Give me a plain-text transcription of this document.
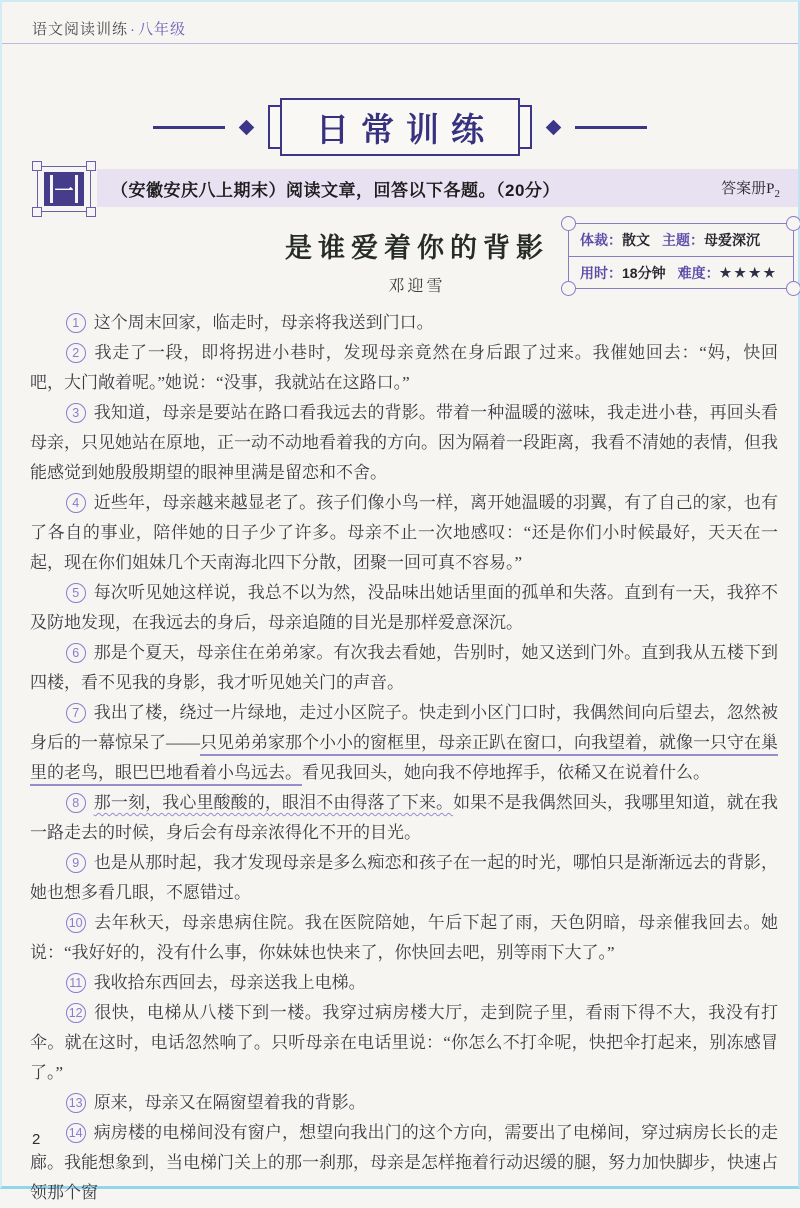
语文阅读训练 · 八年级
日常训练
一	（安徽安庆八上期末）阅读文章，回答以下各题。（20分）	答案册$P_2$
是谁爱着你的背影
邓迎雪
体裁： 散文 主题： 母爱深沉
用时： 18分钟 难度： ★★★★

1 这个周末回家，临走时，母亲将我送到门口。

2 我走了一段，即将拐进小巷时，发现母亲竟然在身后跟了过来。我催她回去：“妈，快回吧，大门敞着呢。”她说：“没事，我就站在这路口。”

3 我知道，母亲是要站在路口看我远去的背影。带着一种温暖的滋味，我走进小巷，再回头看母亲，只见她站在原地，正一动不动地看着我的方向。因为隔着一段距离，我看不清她的表情，但我能感觉到她殷殷期望的眼神里满是留恋和不舍。

4 近些年，母亲越来越显老了。孩子们像小鸟一样，离开她温暖的羽翼，有了自己的家，也有了各自的事业，陪伴她的日子少了许多。母亲不止一次地感叹：“还是你们小时候最好，天天在一起，现在你们姐妹几个天南海北四下分散，团聚一回可真不容易。”

5 每次听见她这样说，我总不以为然，没品味出她话里面的孤单和失落。直到有一天，我猝不及防地发现，在我远去的身后，母亲追随的目光是那样爱意深沉。

6 那是个夏天，母亲住在弟弟家。有次我去看她，告别时，她又送到门外。直到我从五楼下到四楼，看不见我的身影，我才听见她关门的声音。

7 我出了楼，绕过一片绿地，走过小区院子。快走到小区门口时，我偶然间向后望去，忽然被身后的一幕惊呆了——只见弟弟家那个小小的窗框里，母亲正趴在窗口，向我望着，就像一只守在巢里的老鸟，眼巴巴地看着小鸟远去。看见我回头，她向我不停地挥手，依稀又在说着什么。

8 那一刻，我心里酸酸的，眼泪不由得落了下来。如果不是我偶然回头，我哪里知道，就在我一路走去的时候，身后会有母亲浓得化不开的目光。

9 也是从那时起，我才发现母亲是多么痴恋和孩子在一起的时光，哪怕只是渐渐远去的背影，她也想多看几眼，不愿错过。

10 去年秋天，母亲患病住院。我在医院陪她，午后下起了雨，天色阴暗，母亲催我回去。她说：“我好好的，没有什么事，你妹妹也快来了，你快回去吧，别等雨下大了。”

11 我收拾东西回去，母亲送我上电梯。

12 很快，电梯从八楼下到一楼。我穿过病房楼大厅，走到院子里，看雨下得不大，我没有打伞。就在这时，电话忽然响了。只听母亲在电话里说：“你怎么不打伞呢，快把伞打起来，别冻感冒了。”

13 原来，母亲又在隔窗望着我的背影。

14 病房楼的电梯间没有窗户，想望向我出门的这个方向，需要出了电梯间，穿过病房长长的走廊。我能想象到，当电梯门关上的那一刹那，母亲是怎样拖着行动迟缓的腿，努力加快脚步，快速占领那个窗

2
